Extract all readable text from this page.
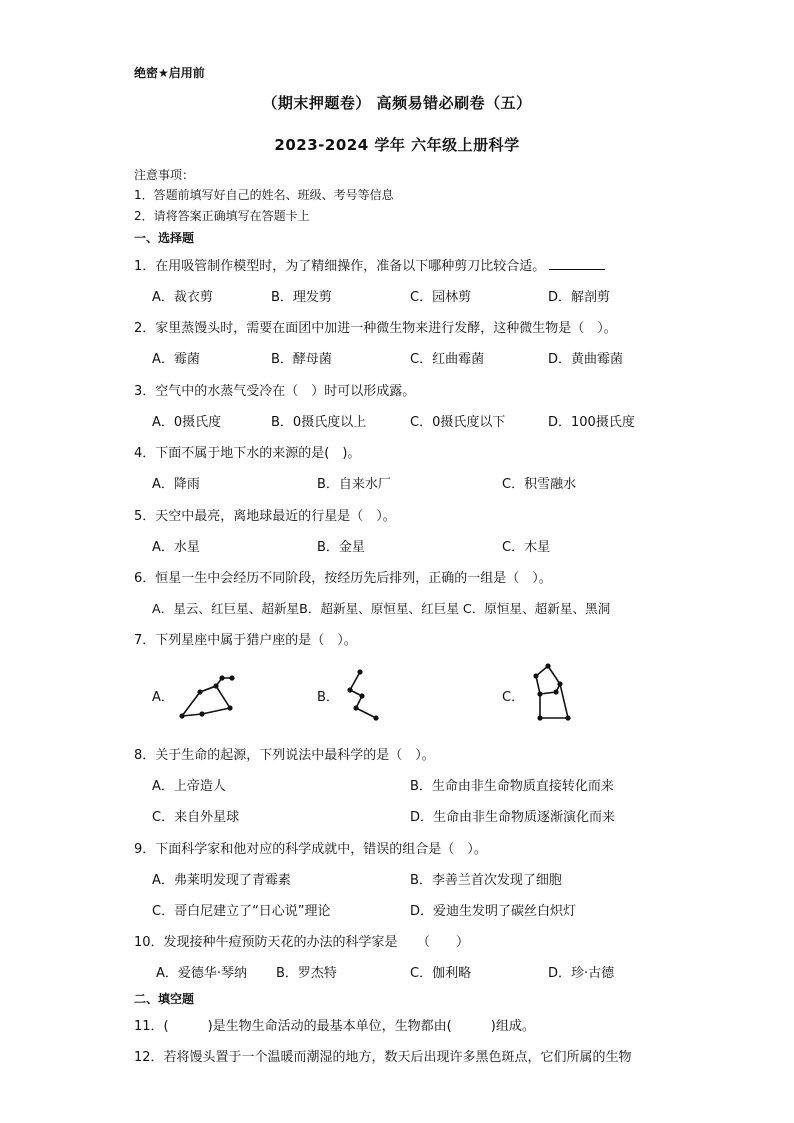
绝密★启用前
（期末押题卷） 高频易错必刷卷（五）
2023-2024 学年 六年级上册科学
注意事项：
1．答题前填写好自己的姓名、班级、考号等信息
2．请将答案正确填写在答题卡上
一、选择题
1．在用吸管制作模型时，为了精细操作，准备以下哪种剪刀比较合适。
A．裁衣剪	B．理发剪	C．园林剪	D．解剖剪
2．家里蒸馒头时，需要在面团中加进一种微生物来进行发酵，这种微生物是（　）。
A．霉菌	B．酵母菌	C．红曲霉菌	D．黄曲霉菌
3．空气中的水蒸气受冷在（　）时可以形成露。
A．0摄氏度	B．0摄氏度以上	C．0摄氏度以下	D．100摄氏度
4．下面不属于地下水的来源的是(　)。
A．降雨	B．自来水厂	C．积雪融水
5．天空中最亮，离地球最近的行星是（　）。
A．水星	B．金星	C．木星
6．恒星一生中会经历不同阶段，按经历先后排列，正确的一组是（　）。
A．星云、红巨星、超新星B．超新星、原恒星、红巨星 C．原恒星、超新星、黑洞
7．下列星座中属于猎户座的是（　）。
A．	B．	C．
8．关于生命的起源，下列说法中最科学的是（　）。
A．上帝造人	B．生命由非生命物质直接转化而来
C．来自外星球	D．生命由非生命物质逐渐演化而来
9．下面科学家和他对应的科学成就中，错误的组合是（　）。
A．弗莱明发现了青霉素	B．李善兰首次发现了细胞
C．哥白尼建立了“日心说”理论	D．爱迪生发明了碳丝白炽灯
10．发现接种牛痘预防天花的办法的科学家是　　（　　）
A．爱德华·琴纳 B．罗杰特	C．伽利略	D．珍·古德
二、填空题
11．(　　　)是生物生命活动的最基本单位，生物都由(　　　)组成。
12．若将馒头置于一个温暖而潮湿的地方，数天后出现许多黑色斑点，它们所属的生物
